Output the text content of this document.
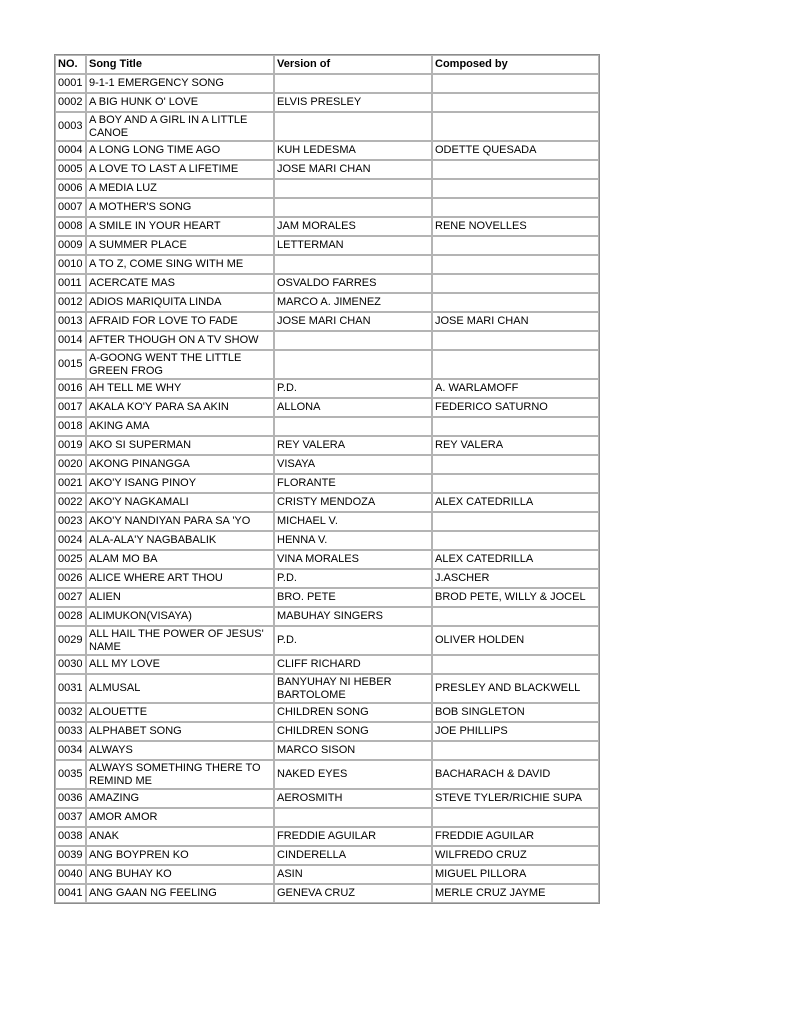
NO.	Song Title	Version of	Composed by
0001	9-1-1 EMERGENCY SONG		
0002	A BIG HUNK O' LOVE	ELVIS PRESLEY	
0003	A BOY AND A GIRL IN A LITTLE CANOE		
0004	A LONG LONG TIME AGO	KUH LEDESMA	ODETTE QUESADA
0005	A LOVE TO LAST A LIFETIME	JOSE MARI CHAN	
0006	A MEDIA LUZ		
0007	A MOTHER'S SONG		
0008	A SMILE IN YOUR HEART	JAM MORALES	RENE NOVELLES
0009	A SUMMER PLACE	LETTERMAN	
0010	A TO Z, COME SING WITH ME		
0011	ACERCATE MAS	OSVALDO FARRES	
0012	ADIOS MARIQUITA LINDA	MARCO A. JIMENEZ	
0013	AFRAID FOR LOVE TO FADE	JOSE MARI CHAN	JOSE MARI CHAN
0014	AFTER THOUGH ON A TV SHOW		
0015	A-GOONG WENT THE LITTLE GREEN FROG		
0016	AH TELL ME WHY	P.D.	A. WARLAMOFF
0017	AKALA KO'Y PARA SA AKIN	ALLONA	FEDERICO SATURNO
0018	AKING AMA		
0019	AKO SI SUPERMAN	REY VALERA	REY VALERA
0020	AKONG PINANGGA	VISAYA	
0021	AKO'Y ISANG PINOY	FLORANTE	
0022	AKO'Y NAGKAMALI	CRISTY MENDOZA	ALEX CATEDRILLA
0023	AKO'Y NANDIYAN PARA SA 'YO	MICHAEL V.	
0024	ALA-ALA'Y NAGBABALIK	HENNA V.	
0025	ALAM MO BA	VINA MORALES	ALEX CATEDRILLA
0026	ALICE WHERE ART THOU	P.D.	J.ASCHER
0027	ALIEN	BRO. PETE	BROD PETE, WILLY & JOCEL
0028	ALIMUKON(VISAYA)	MABUHAY SINGERS	
0029	ALL HAIL THE POWER OF JESUS' NAME	P.D.	OLIVER HOLDEN
0030	ALL MY LOVE	CLIFF RICHARD	
0031	ALMUSAL	BANYUHAY NI HEBER BARTOLOME	PRESLEY AND BLACKWELL
0032	ALOUETTE	CHILDREN SONG	BOB SINGLETON
0033	ALPHABET SONG	CHILDREN SONG	JOE PHILLIPS
0034	ALWAYS	MARCO SISON	
0035	ALWAYS SOMETHING THERE TO REMIND ME	NAKED EYES	BACHARACH & DAVID
0036	AMAZING	AEROSMITH	STEVE TYLER/RICHIE SUPA
0037	AMOR AMOR		
0038	ANAK	FREDDIE AGUILAR	FREDDIE AGUILAR
0039	ANG BOYPREN KO	CINDERELLA	WILFREDO CRUZ
0040	ANG BUHAY KO	ASIN	MIGUEL PILLORA
0041	ANG GAAN NG FEELING	GENEVA CRUZ	MERLE CRUZ JAYME
